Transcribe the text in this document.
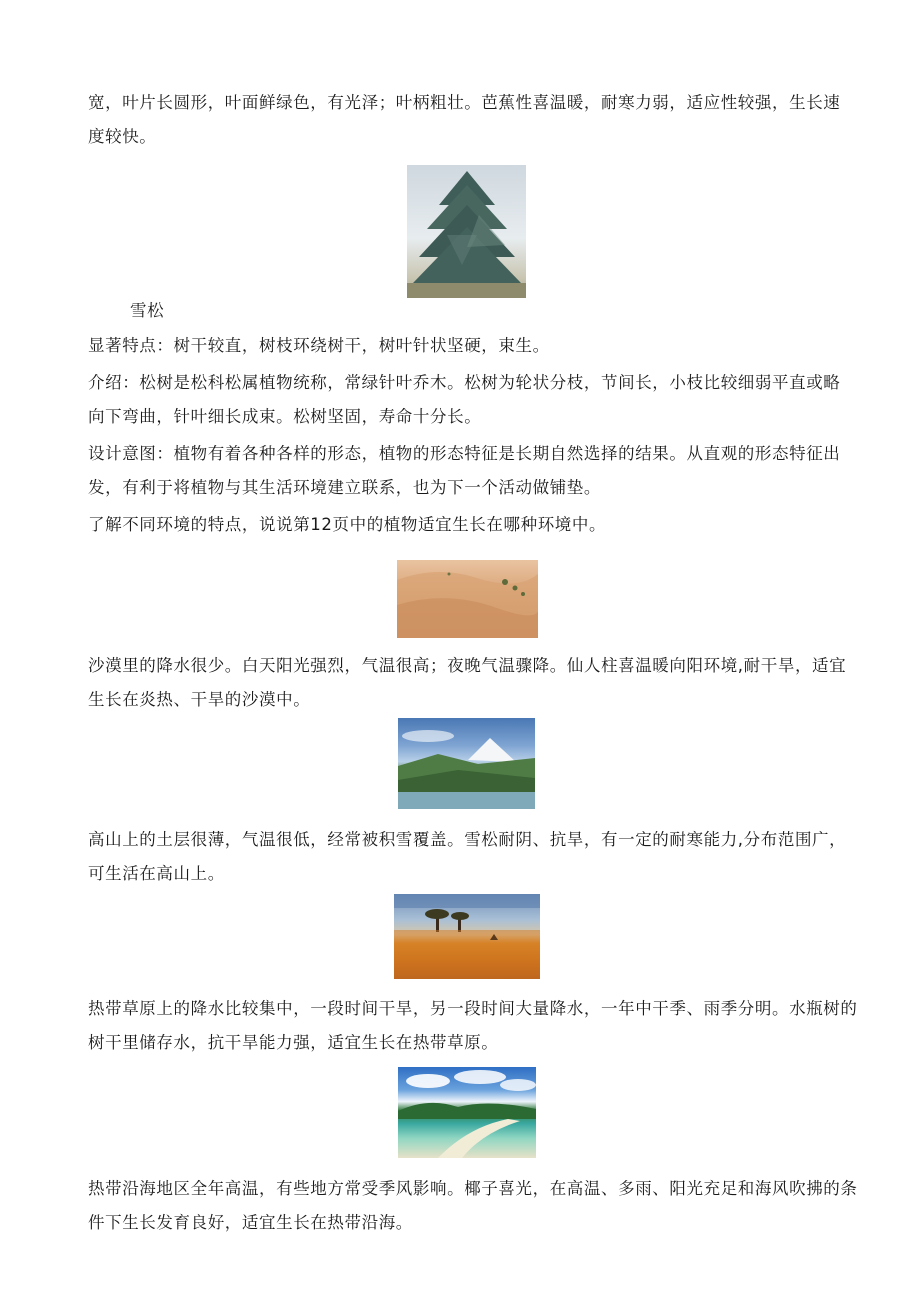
宽，叶片长圆形，叶面鲜绿色，有光泽；叶柄粗壮。芭蕉性喜温暖，耐寒力弱，适应性较强，生长速
度较快。
雪松
显著特点：树干较直，树枝环绕树干，树叶针状坚硬，束生。
介绍：松树是松科松属植物统称，常绿针叶乔木。松树为轮状分枝，节间长，小枝比较细弱平直或略
向下弯曲，针叶细长成束。松树坚固，寿命十分长。
设计意图：植物有着各种各样的形态，植物的形态特征是长期自然选择的结果。从直观的形态特征出
发，有利于将植物与其生活环境建立联系，也为下一个活动做铺垫。
了解不同环境的特点，说说第12页中的植物适宜生长在哪种环境中。
沙漠里的降水很少。白天阳光强烈，气温很高；夜晚气温骤降。仙人柱喜温暖向阳环境,耐干旱，适宜
生长在炎热、干旱的沙漠中。
高山上的土层很薄，气温很低，经常被积雪覆盖。雪松耐阴、抗旱，有一定的耐寒能力,分布范围广，
可生活在高山上。
热带草原上的降水比较集中，一段时间干旱，另一段时间大量降水，一年中干季、雨季分明。水瓶树的
树干里储存水，抗干旱能力强，适宜生长在热带草原。
热带沿海地区全年高温，有些地方常受季风影响。椰子喜光，在高温、多雨、阳光充足和海风吹拂的条
件下生长发育良好，适宜生长在热带沿海。
